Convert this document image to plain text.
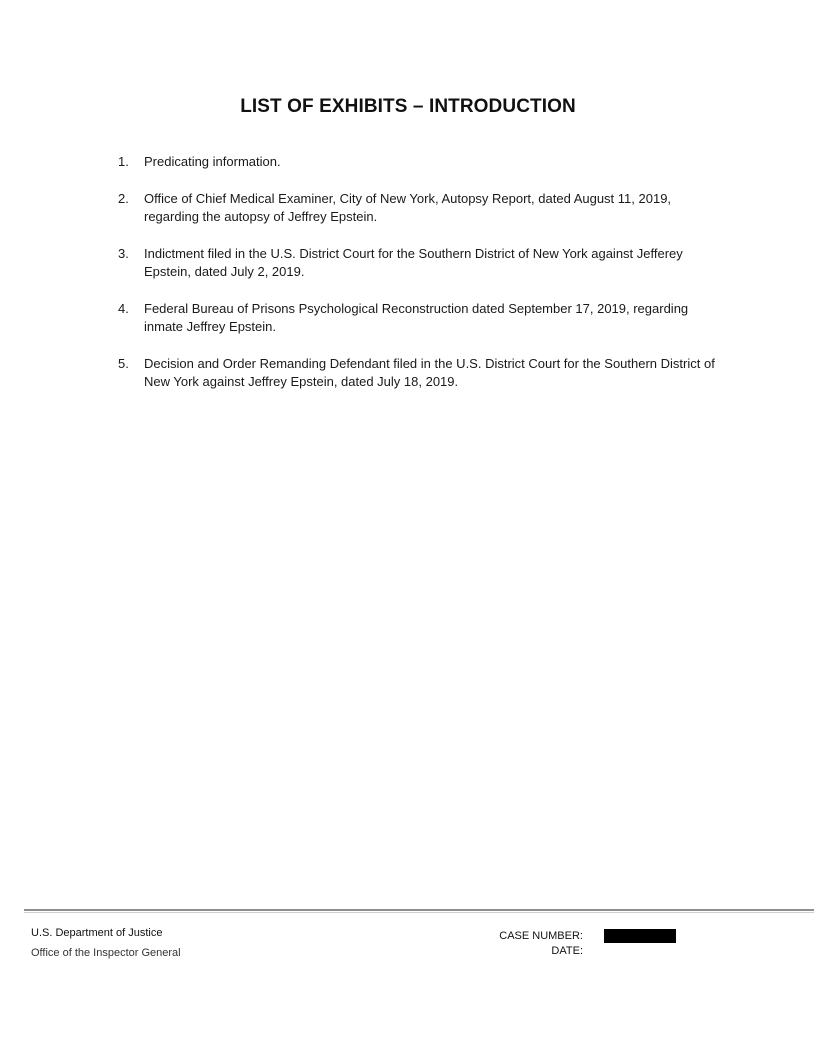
LIST OF EXHIBITS – INTRODUCTION
1.	Predicating information.
2.	Office of Chief Medical Examiner, City of New York, Autopsy Report, dated August 11, 2019, regarding the autopsy of Jeffrey Epstein.
3.	Indictment filed in the U.S. District Court for the Southern District of New York against Jefferey Epstein, dated July 2, 2019.
4.	Federal Bureau of Prisons Psychological Reconstruction dated September 17, 2019, regarding inmate Jeffrey Epstein.
5.	Decision and Order Remanding Defendant filed in the U.S. District Court for the Southern District of New York against Jeffrey Epstein, dated July 18, 2019.
U.S. Department of Justice
Office of the Inspector General
CASE NUMBER:
DATE:
